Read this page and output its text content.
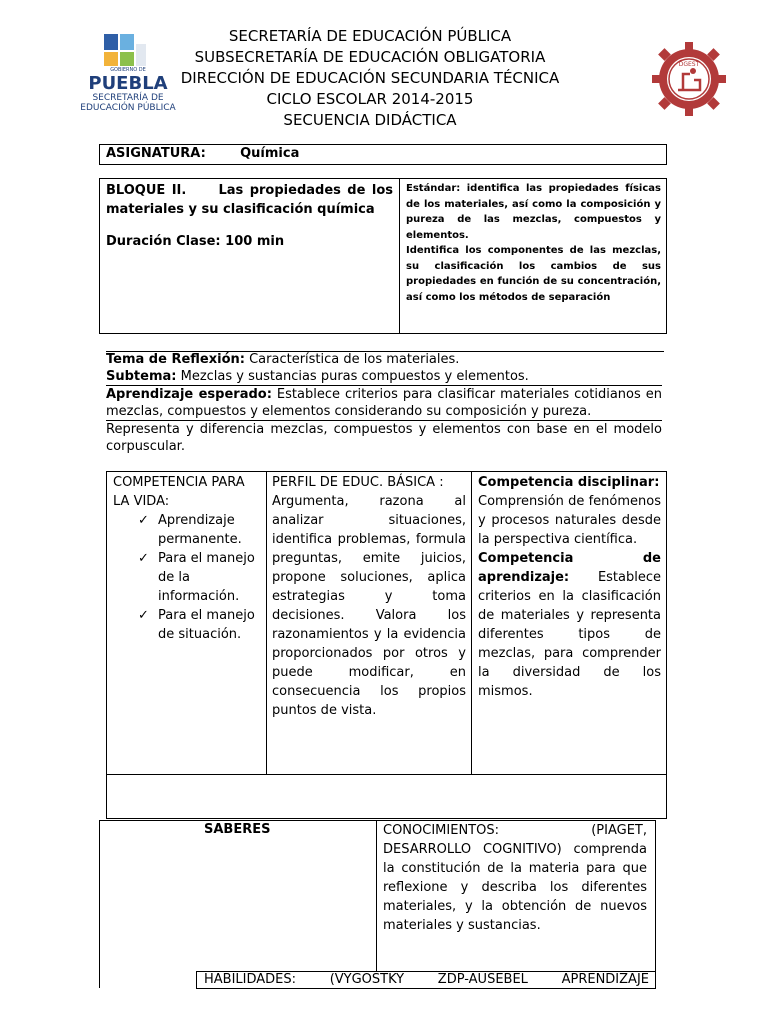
GOBIERNO DE
PUEBLA
SECRETARÍA DE
EDUCACIÓN PÚBLICA
SECRETARÍA DE EDUCACIÓN PÚBLICA
SUBSECRETARÍA DE EDUCACIÓN OBLIGATORIA
DIRECCIÓN DE EDUCACIÓN SECUNDARIA TÉCNICA
CICLO ESCOLAR 2014-2015
SECUENCIA DIDÁCTICA
DGEST
ASIGNATURA:	Química
BLOQUE II.     Las propiedades de los materiales y su clasificación química
Duración Clase: 100 min
Estándar: identifica las propiedades físicas de los materiales, así como la composición y pureza de las mezclas, compuestos y elementos.
Identifica los componentes de las mezclas, su clasificación los cambios de sus propiedades en función de su concentración, así como los métodos de separación
Tema de Reflexión: Característica de los materiales.
Subtema: Mezclas y sustancias puras compuestos y elementos.
Aprendizaje esperado: Establece criterios para clasificar materiales cotidianos en mezclas, compuestos y elementos considerando su composición y pureza.
Representa y diferencia mezclas, compuestos y elementos con base en el modelo corpuscular.
COMPETENCIA PARA LA VIDA:
✓ Aprendizaje permanente.
✓ Para el manejo de la información.
✓ Para el manejo de situación.
PERFIL DE EDUC. BÁSICA :
Argumenta, razona al analizar situaciones, identifica problemas, formula preguntas, emite juicios, propone soluciones, aplica estrategias y toma decisiones. Valora los razonamientos y la evidencia proporcionados por otros y puede modificar, en consecuencia los propios puntos de vista.
Competencia disciplinar:
Comprensión de fenómenos y procesos naturales desde la perspectiva científica.
Competencia de aprendizaje: Establece criterios en la clasificación de materiales y representa diferentes tipos de mezclas, para comprender la diversidad de los mismos.
SABERES	CONOCIMIENTOS: (PIAGET, DESARROLLO COGNITIVO) comprenda la constitución de la materia para que reflexione y describa los diferentes materiales, y la obtención de nuevos materiales y sustancias.
HABILIDADES: (VYGOSTKY ZDP-AUSEBEL APRENDIZAJE
